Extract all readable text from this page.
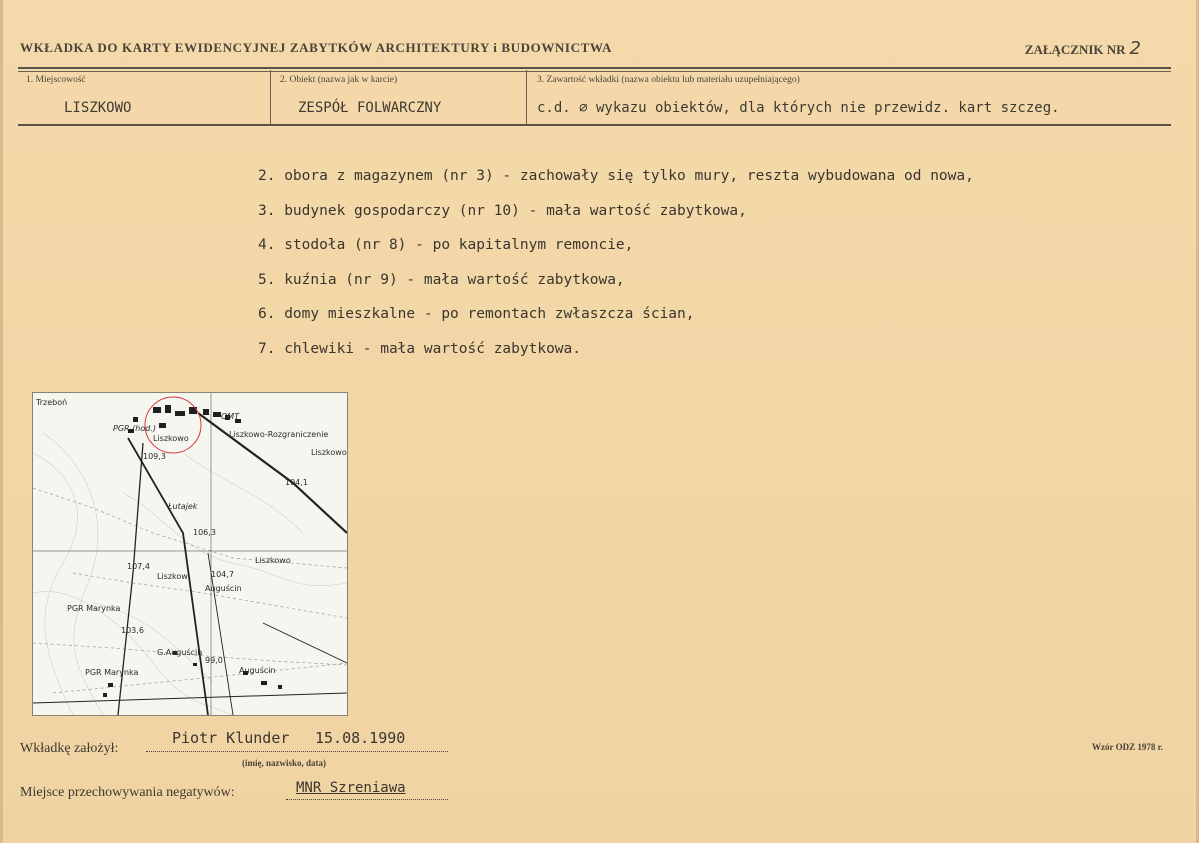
WKŁADKA DO KARTY EWIDENCYJNEJ ZABYTKÓW ARCHITEKTURY i BUDOWNICTWA	ZAŁĄCZNIK NR 2
1. Miejscowość
LISZKOWO
2. Obiekt (nazwa jak w karcie)
ZESPÓŁ FOLWARCZNY
3. Zawartość wkładki (nazwa obiektu lub materiału uzupełniającego)
c.d. ⌀ wykazu obiektów, dla których nie przewidz. kart szczeg.
2. obora z magazynem (nr 3) - zachowały się tylko mury, reszta wybudowana od nowa,
3. budynek gospodarczy (nr 10) - mała wartość zabytkowa,
4. stodoła (nr 8) - po kapitalnym remoncie,
5. kuźnia (nr 9) - mała wartość zabytkowa,
6. domy mieszkalne - po remontach zwłaszcza ścian,
7. chlewiki - mała wartość zabytkowa.
Trzeboń
Liszkowo	Liszkowo-Rozgraniczenie
Liszkowo
PGR (hod.)
OMT
109,3
104,1
Łutajek
106,3
107,4
Liszkowo
Liszkow	104,7
Auguścin
PGR Marynka
103,6
G.Auguścin
PGR Marynka	Auguścin
99,0
Wkładkę założył:
Piotr Klunder 15.08.1990
(imię, nazwisko, data)
Miejsce przechowywania negatywów:	MNR Szreniawa
Wzór ODZ 1978 r.
